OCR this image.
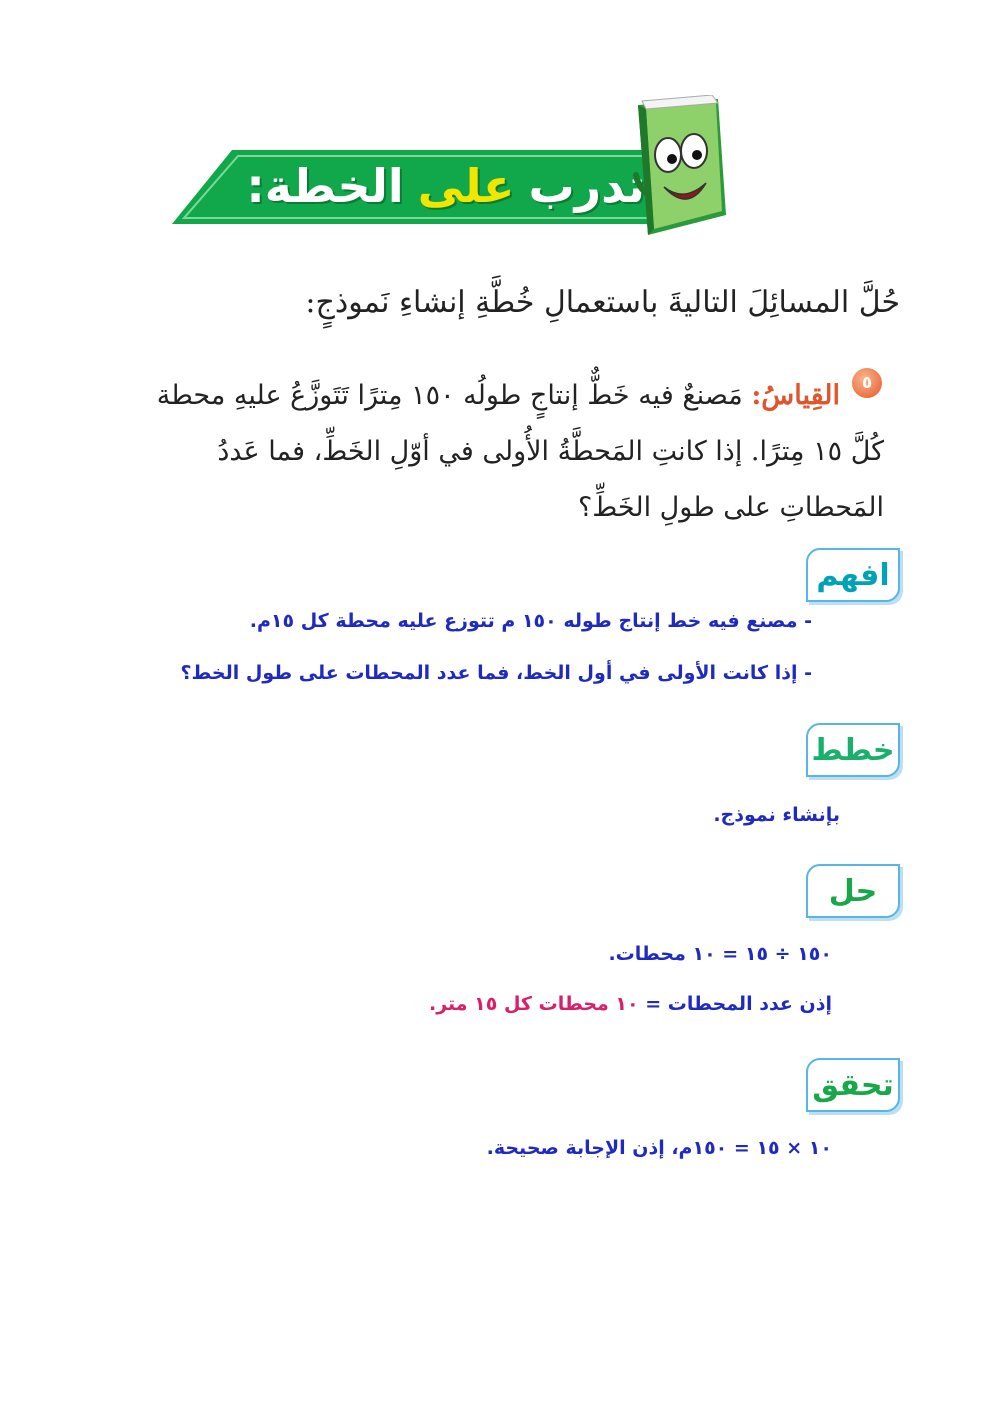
تدرب
على
الخطة:
حُلَّ المسائِلَ التاليةَ باستعمالِ خُطَّةِ إنشاءِ نَموذجٍ:
٥
القِياسُ: مَصنعٌ فيه خَطٌّ إنتاجٍ طولُه ١٥٠ مِترًا تَتَوزَّعُ عليهِ محطة كُلَّ ١٥ مِترًا. إذا كانتِ المَحطَّةُ الأُولى في أوّلِ الخَطِّ، فما عَددُ المَحطاتِ على طولِ الخَطِّ؟
افهم
- مصنع فيه خط إنتاج طوله ١٥٠ م تتوزع عليه محطة كل ١٥م.
- إذا كانت الأولى في أول الخط، فما عدد المحطات على طول الخط؟
خطط
بإنشاء نموذج.
حل
١٥٠ ÷ ١٥ = ١٠ محطات.
إذن عدد المحطات = ١٠ محطات كل ١٥ متر.
تحقق
١٠ × ١٥ = ١٥٠م، إذن الإجابة صحيحة.
